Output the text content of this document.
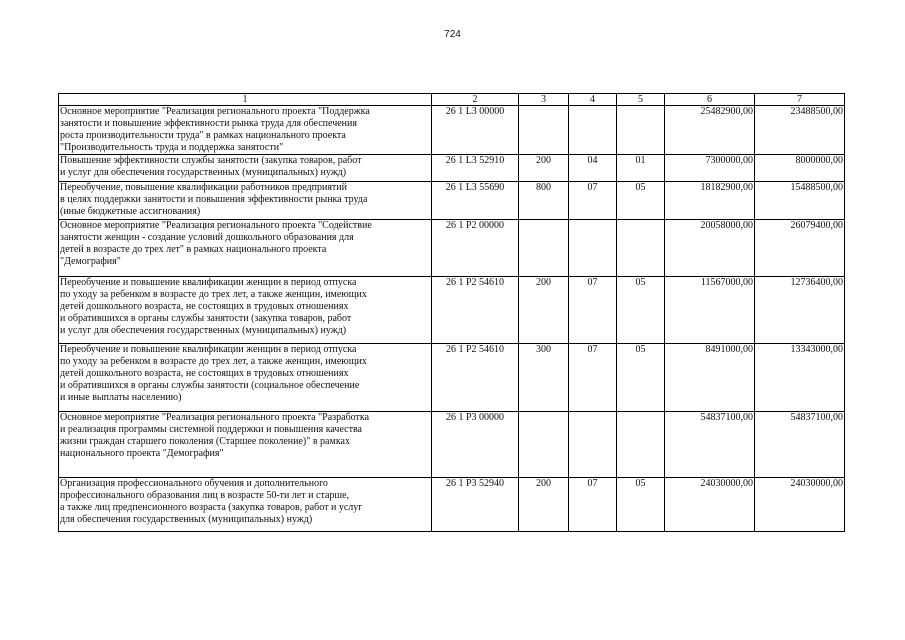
724
1	2	3	4	5	6	7
Основное мероприятие "Реализация регионального проекта "Поддержка
занятости и повышение эффективности рынка труда для обеспечения
роста производительности труда" в рамках национального проекта
"Производительность труда и поддержка занятости"	26 1 L3 00000				25482900,00	23488500,00
Повышение эффективности службы занятости (закупка товаров, работ
и услуг для обеспечения государственных (муниципальных) нужд)	26 1 L3 52910	200	04	01	7300000,00	8000000,00
Переобучение, повышение квалификации работников предприятий
в целях поддержки занятости и повышения эффективности рынка труда
(иные бюджетные ассигнования)	26 1 L3 55690	800	07	05	18182900,00	15488500,00
Основное мероприятие "Реализация регионального проекта "Содействие
занятости женщин - создание условий дошкольного образования для
детей в возрасте до трех лет" в рамках национального проекта
"Демография"	26 1 P2 00000				20058000,00	26079400,00
Переобучение и повышение квалификации женщин в период отпуска
по уходу за ребенком в возрасте до трех лет, а также женщин, имеющих
детей дошкольного возраста, не состоящих в трудовых отношениях
и обратившихся в органы службы занятости (закупка товаров, работ
и услуг для обеспечения государственных (муниципальных) нужд)	26 1 P2 54610	200	07	05	11567000,00	12736400,00
Переобучение и повышение квалификации женщин в период отпуска
по уходу за ребенком в возрасте до трех лет, а также женщин, имеющих
детей дошкольного возраста, не состоящих в трудовых отношениях
и обратившихся в органы службы занятости (социальное обеспечение
и иные выплаты населению)	26 1 P2 54610	300	07	05	8491000,00	13343000,00
Основное мероприятие "Реализация регионального проекта "Разработка
и реализация программы системной поддержки и повышения качества
жизни граждан старшего поколения (Старшее поколение)" в рамках
национального проекта "Демография"	26 1 P3 00000				54837100,00	54837100,00
Организация профессионального обучения и дополнительного
профессионального образования лиц в возрасте 50-ти лет и старше,
а также лиц предпенсионного возраста (закупка товаров, работ и услуг
для обеспечения государственных (муниципальных) нужд)	26 1 P3 52940	200	07	05	24030000,00	24030000,00
